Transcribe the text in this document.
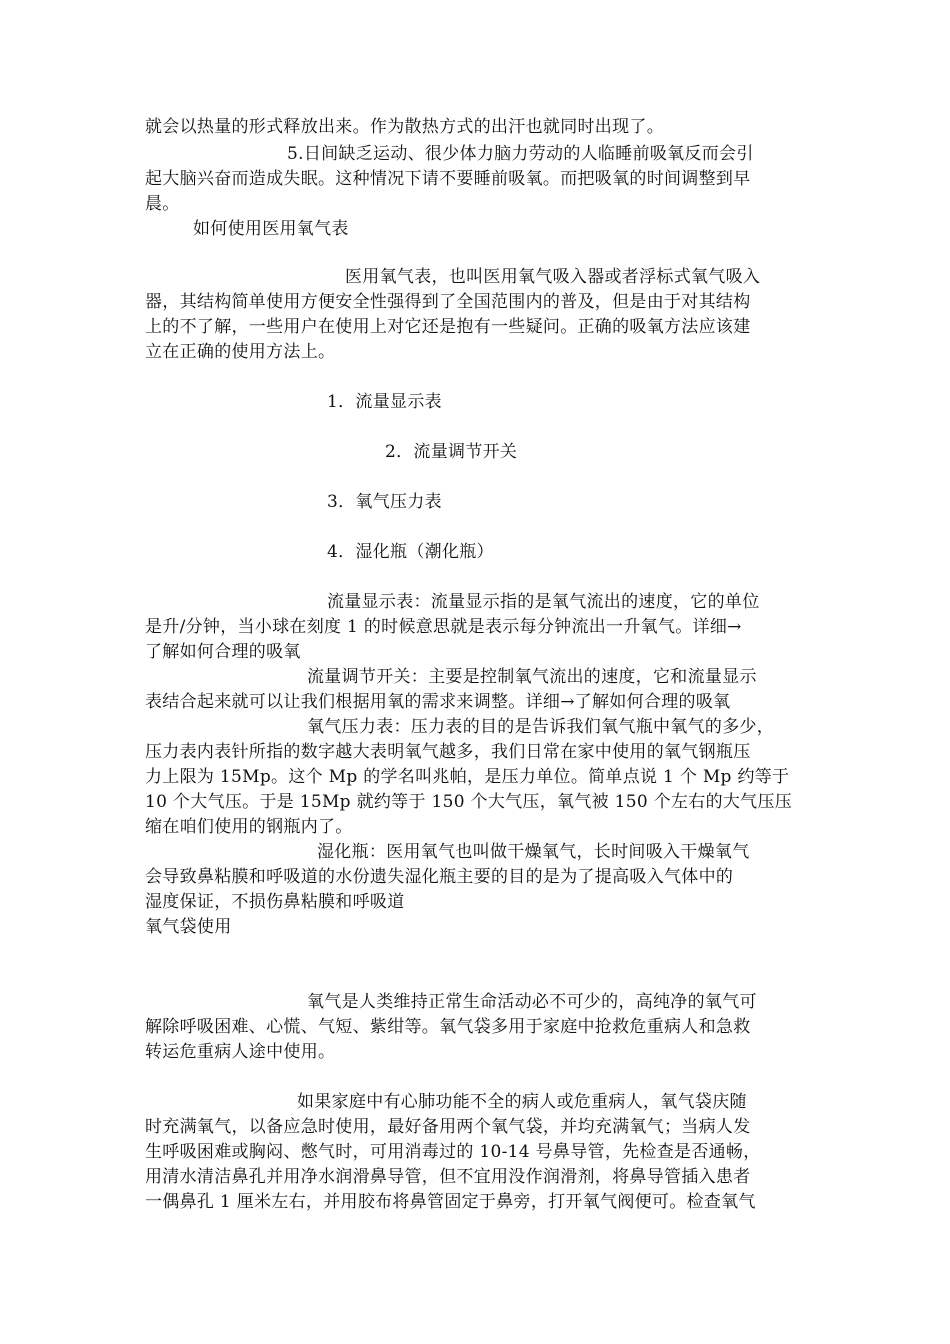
就会以热量的形式释放出来。作为散热方式的出汗也就同时出现了。
5.日间缺乏运动、很少体力脑力劳动的人临睡前吸氧反而会引
起大脑兴奋而造成失眠。这种情况下请不要睡前吸氧。而把吸氧的时间调整到早
晨。
如何使用医用氧气表
医用氧气表，也叫医用氧气吸入器或者浮标式氧气吸入
器，其结构简单使用方便安全性强得到了全国范围内的普及，但是由于对其结构
上的不了解，一些用户在使用上对它还是抱有一些疑问。正确的吸氧方法应该建
立在正确的使用方法上。
1．流量显示表
2．流量调节开关
3．氧气压力表
4．湿化瓶（潮化瓶）
流量显示表：流量显示指的是氧气流出的速度，它的单位
是升/分钟，当小球在刻度 1 的时候意思就是表示每分钟流出一升氧气。详细→
了解如何合理的吸氧
流量调节开关：主要是控制氧气流出的速度，它和流量显示
表结合起来就可以让我们根据用氧的需求来调整。详细→了解如何合理的吸氧
氧气压力表：压力表的目的是告诉我们氧气瓶中氧气的多少，
压力表内表针所指的数字越大表明氧气越多，我们日常在家中使用的氧气钢瓶压
力上限为 15Mp。这个 Mp 的学名叫兆帕，是压力单位。简单点说 1 个 Mp 约等于
10 个大气压。于是 15Mp 就约等于 150 个大气压，氧气被 150 个左右的大气压压
缩在咱们使用的钢瓶内了。
湿化瓶：医用氧气也叫做干燥氧气，长时间吸入干燥氧气
会导致鼻粘膜和呼吸道的水份遗失湿化瓶主要的目的是为了提高吸入气体中的
湿度保证，不损伤鼻粘膜和呼吸道
氧气袋使用
氧气是人类维持正常生命活动必不可少的，高纯净的氧气可
解除呼吸困难、心慌、气短、紫绀等。氧气袋多用于家庭中抢救危重病人和急救
转运危重病人途中使用。
如果家庭中有心肺功能不全的病人或危重病人，氧气袋庆随
时充满氧气，以备应急时使用，最好备用两个氧气袋，并均充满氧气；当病人发
生呼吸困难或胸闷、憋气时，可用消毒过的 10-14 号鼻导管，先检查是否通畅，
用清水清洁鼻孔并用净水润滑鼻导管，但不宜用没作润滑剂，将鼻导管插入患者
一偶鼻孔 1 厘米左右，并用胶布将鼻管固定于鼻旁，打开氧气阀便可。检查氧气
